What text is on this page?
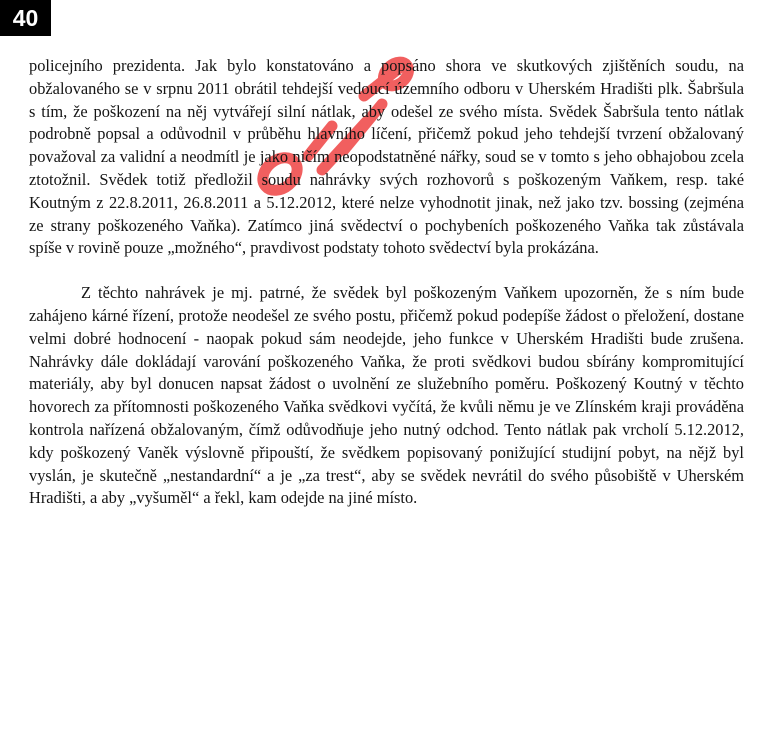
40

policejního prezidenta. Jak bylo konstatováno a popsáno shora ve skutkových zjištěních soudu, na obžalovaného se v srpnu 2011 obrátil tehdejší vedoucí územního odboru v Uherském Hradišti plk. Šabršula s tím, že poškození na něj vytvářejí silní nátlak, aby odešel ze svého místa. Svědek Šabršula tento nátlak podrobně popsal a odůvodnil v průběhu hlavního líčení, přičemž pokud jeho tehdejší tvrzení obžalovaný považoval za validní a neodmítl je jako ničím neopodstatněné nářky, soud se v tomto s jeho obhajobou zcela ztotožnil. Svědek totiž předložil soudu nahrávky svých rozhovorů s poškozeným Vaňkem, resp. také Koutným z 22.8.2011, 26.8.2011 a 5.12.2012, které nelze vyhodnotit jinak, než jako tzv. bossing (zejména ze strany poškozeného Vaňka). Zatímco jiná svědectví o pochybeních poškozeného Vaňka tak zůstávala spíše v rovině pouze „možného“, pravdivost podstaty tohoto svědectví byla prokázána.

Z těchto nahrávek je mj. patrné, že svědek byl poškozeným Vaňkem upozorněn, že s ním bude zahájeno kárné řízení, protože neodešel ze svého postu, přičemž pokud podepíše žádost o přeložení, dostane velmi dobré hodnocení - naopak pokud sám neodejde, jeho funkce v Uherském Hradišti bude zrušena. Nahrávky dále dokládají varování poškozeného Vaňka, že proti svědkovi budou sbírány kompromitující materiály, aby byl donucen napsat žádost o uvolnění ze služebního poměru. Poškozený Koutný v těchto hovorech za přítomnosti poškozeného Vaňka svědkovi vyčítá, že kvůli němu je ve Zlínském kraji prováděna kontrola nařízená obžalovaným, čímž odůvodňuje jeho nutný odchod. Tento nátlak pak vrcholí 5.12.2012, kdy poškozený Vaněk výslovně připouští, že svědkem popisovaný ponižující studijní pobyt, na nějž byl vyslán, je skutečně „nestandardní“ a je „za trest“, aby se svědek nevrátil do svého působiště v Uherském Hradišti, a aby „vyšuměl“ a řekl, kam odejde na jiné místo.
